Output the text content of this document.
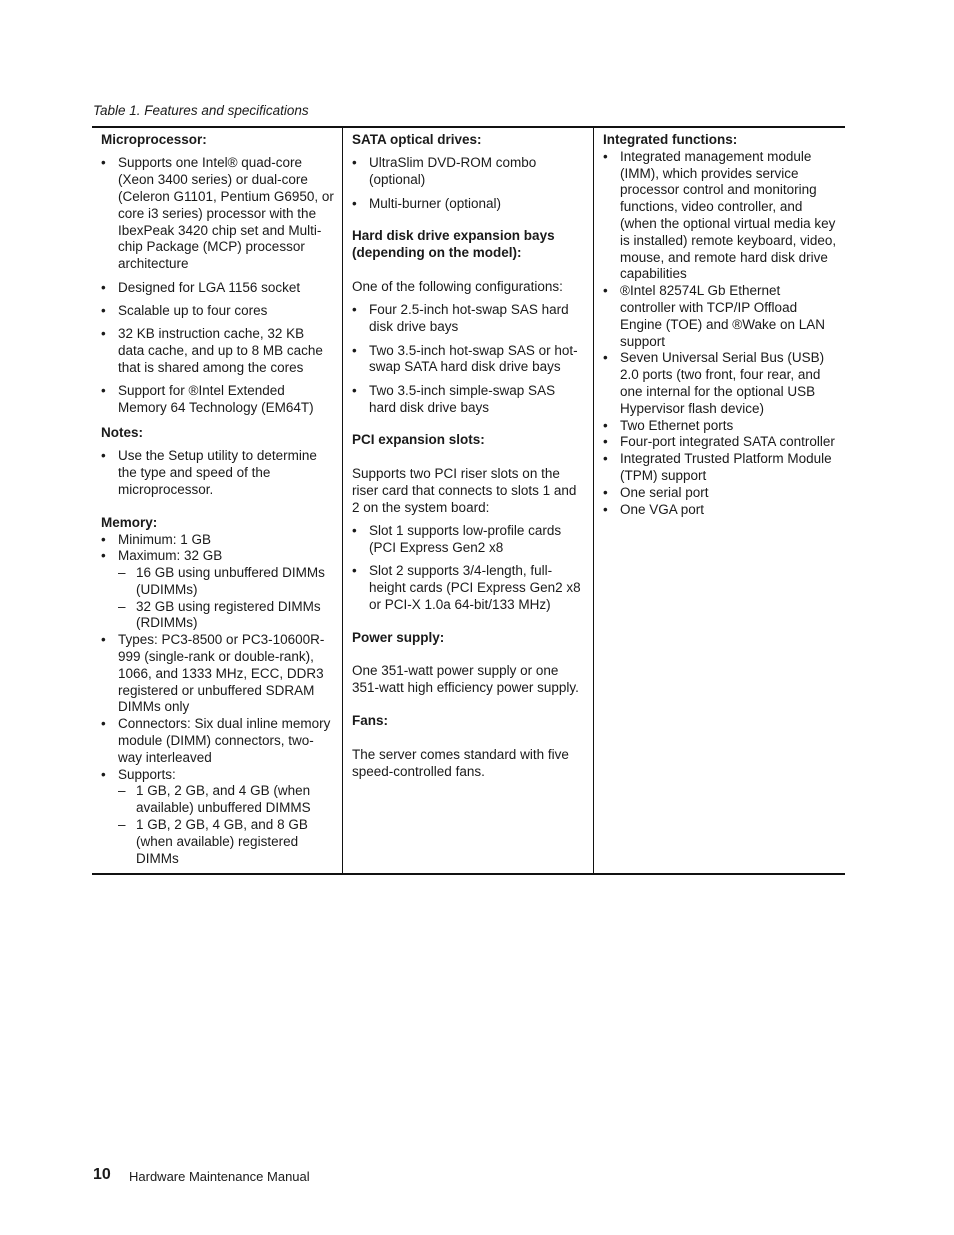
Table 1. Features and specifications

Microprocessor:

• Supports one Intel® quad-core (Xeon 3400 series) or dual-core (Celeron G1101, Pentium G6950, or core i3 series) processor with the IbexPeak 3420 chip set and Multi-chip Package (MCP) processor architecture
• Designed for LGA 1156 socket
• Scalable up to four cores
• 32 KB instruction cache, 32 KB data cache, and up to 8 MB cache that is shared among the cores
• Support for ®Intel Extended Memory 64 Technology (EM64T)

Notes:

• Use the Setup utility to determine the type and speed of the microprocessor.

Memory:

• Minimum: 1 GB
• Maximum: 32 GB
– 16 GB using unbuffered DIMMs (UDIMMs)
– 32 GB using registered DIMMs (RDIMMs)
• Types: PC3-8500 or PC3-10600R-999 (single-rank or double-rank), 1066, and 1333 MHz, ECC, DDR3 registered or unbuffered SDRAM DIMMs only
• Connectors: Six dual inline memory module (DIMM) connectors, two-way interleaved
• Supports:
– 1 GB, 2 GB, and 4 GB (when available) unbuffered DIMMS
– 1 GB, 2 GB, 4 GB, and 8 GB (when available) registered DIMMs

SATA optical drives:

• UltraSlim DVD-ROM combo (optional)
• Multi-burner (optional)

Hard disk drive expansion bays (depending on the model):

One of the following configurations:

• Four 2.5-inch hot-swap SAS hard disk drive bays
• Two 3.5-inch hot-swap SAS or hot-swap SATA hard disk drive bays
• Two 3.5-inch simple-swap SAS hard disk drive bays

PCI expansion slots:

Supports two PCI riser slots on the riser card that connects to slots 1 and 2 on the system board:

• Slot 1 supports low-profile cards (PCI Express Gen2 x8
• Slot 2 supports 3/4-length, full-height cards (PCI Express Gen2 x8 or PCI-X 1.0a 64-bit/133 MHz)

Power supply:

One 351-watt power supply or one 351-watt high efficiency power supply.

Fans:

The server comes standard with five speed-controlled fans.

Integrated functions:

• Integrated management module (IMM), which provides service processor control and monitoring functions, video controller, and (when the optional virtual media key is installed) remote keyboard, video, mouse, and remote hard disk drive capabilities
• ®Intel 82574L Gb Ethernet controller with TCP/IP Offload Engine (TOE) and ®Wake on LAN support
• Seven Universal Serial Bus (USB) 2.0 ports (two front, four rear, and one internal for the optional USB Hypervisor flash device)
• Two Ethernet ports
• Four-port integrated SATA controller
• Integrated Trusted Platform Module (TPM) support
• One serial port
• One VGA port
10 Hardware Maintenance Manual
